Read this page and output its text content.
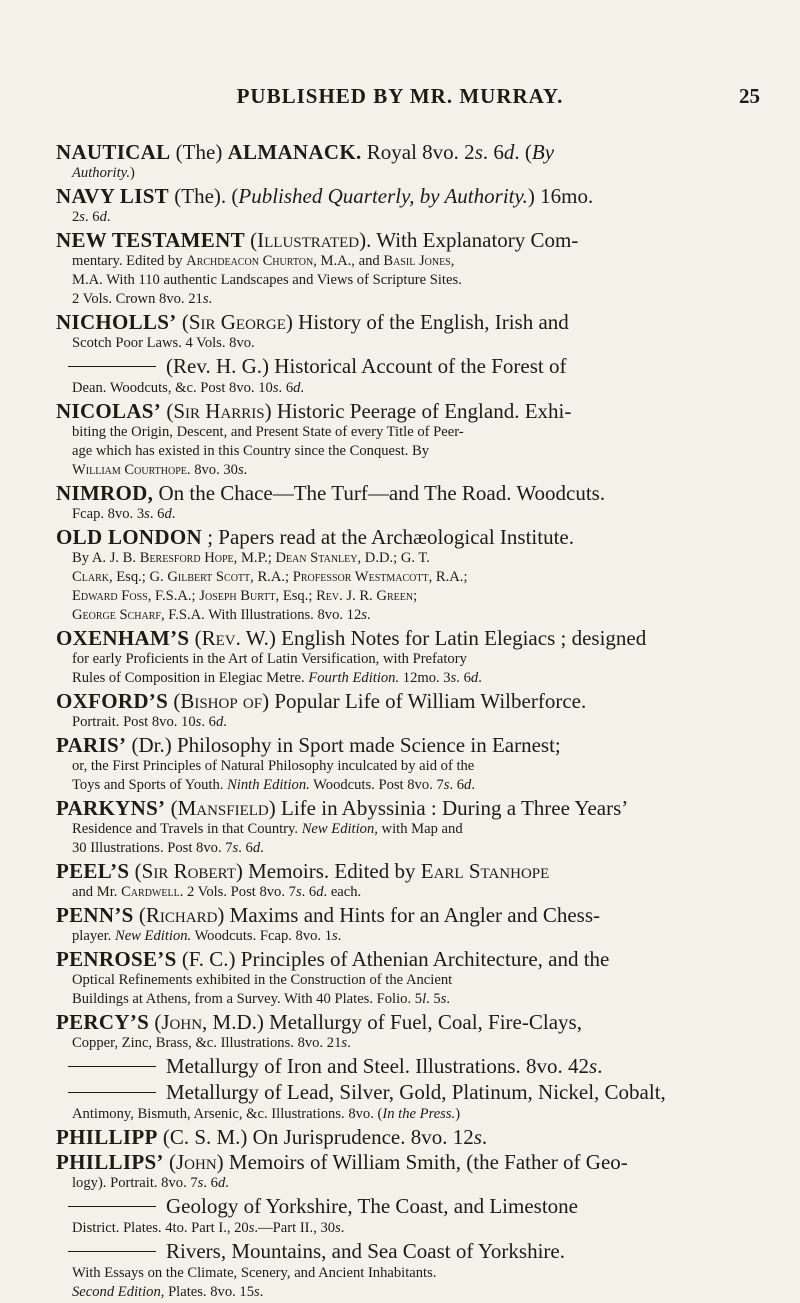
PUBLISHED BY MR. MURRAY.	25
NAUTICAL (The) ALMANACK. Royal 8vo. 2s. 6d. (By
Authority.)
NAVY LIST (The). (Published Quarterly, by Authority.) 16mo.
2s. 6d.
NEW TESTAMENT (Illustrated). With Explanatory Com-
mentary. Edited by Archdeacon Churton, M.A., and Basil Jones,
M.A. With 110 authentic Landscapes and Views of Scripture Sites.
2 Vols. Crown 8vo. 21s.
NICHOLLS’ (Sir George) History of the English, Irish and
Scotch Poor Laws. 4 Vols. 8vo.
(Rev. H. G.) Historical Account of the Forest of
Dean. Woodcuts, &c. Post 8vo. 10s. 6d.
NICOLAS’ (Sir Harris) Historic Peerage of England. Exhi-
biting the Origin, Descent, and Present State of every Title of Peer-
age which has existed in this Country since the Conquest. By
William Courthope. 8vo. 30s.
NIMROD, On the Chace—The Turf—and The Road. Woodcuts.
Fcap. 8vo. 3s. 6d.
OLD LONDON ; Papers read at the Archæological Institute.
By A. J. B. Beresford Hope, M.P.; Dean Stanley, D.D.; G. T.
Clark, Esq.; G. Gilbert Scott, R.A.; Professor Westmacott, R.A.;
Edward Foss, F.S.A.; Joseph Burtt, Esq.; Rev. J. R. Green;
George Scharf, F.S.A. With Illustrations. 8vo. 12s.
OXENHAM’S (Rev. W.) English Notes for Latin Elegiacs ; designed
for early Proficients in the Art of Latin Versification, with Prefatory
Rules of Composition in Elegiac Metre. Fourth Edition. 12mo. 3s. 6d.
OXFORD’S (Bishop of) Popular Life of William Wilberforce.
Portrait. Post 8vo. 10s. 6d.
PARIS’ (Dr.) Philosophy in Sport made Science in Earnest;
or, the First Principles of Natural Philosophy inculcated by aid of the
Toys and Sports of Youth. Ninth Edition. Woodcuts. Post 8vo. 7s. 6d.
PARKYNS’ (Mansfield) Life in Abyssinia : During a Three Years’
Residence and Travels in that Country. New Edition, with Map and
30 Illustrations. Post 8vo. 7s. 6d.
PEEL’S (Sir Robert) Memoirs. Edited by Earl Stanhope
and Mr. Cardwell. 2 Vols. Post 8vo. 7s. 6d. each.
PENN’S (Richard) Maxims and Hints for an Angler and Chess-
player. New Edition. Woodcuts. Fcap. 8vo. 1s.
PENROSE’S (F. C.) Principles of Athenian Architecture, and the
Optical Refinements exhibited in the Construction of the Ancient
Buildings at Athens, from a Survey. With 40 Plates. Folio. 5l. 5s.
PERCY’S (John, M.D.) Metallurgy of Fuel, Coal, Fire-Clays,
Copper, Zinc, Brass, &c. Illustrations. 8vo. 21s.
Metallurgy of Iron and Steel. Illustrations. 8vo. 42s.
Metallurgy of Lead, Silver, Gold, Platinum, Nickel, Cobalt,
Antimony, Bismuth, Arsenic, &c. Illustrations. 8vo. (In the Press.)
PHILLIPP (C. S. M.) On Jurisprudence. 8vo. 12s.
PHILLIPS’ (John) Memoirs of William Smith, (the Father of Geo-
logy). Portrait. 8vo. 7s. 6d.
Geology of Yorkshire, The Coast, and Limestone
District. Plates. 4to. Part I., 20s.—Part II., 30s.
Rivers, Mountains, and Sea Coast of Yorkshire.
With Essays on the Climate, Scenery, and Ancient Inhabitants.
Second Edition, Plates. 8vo. 15s.
